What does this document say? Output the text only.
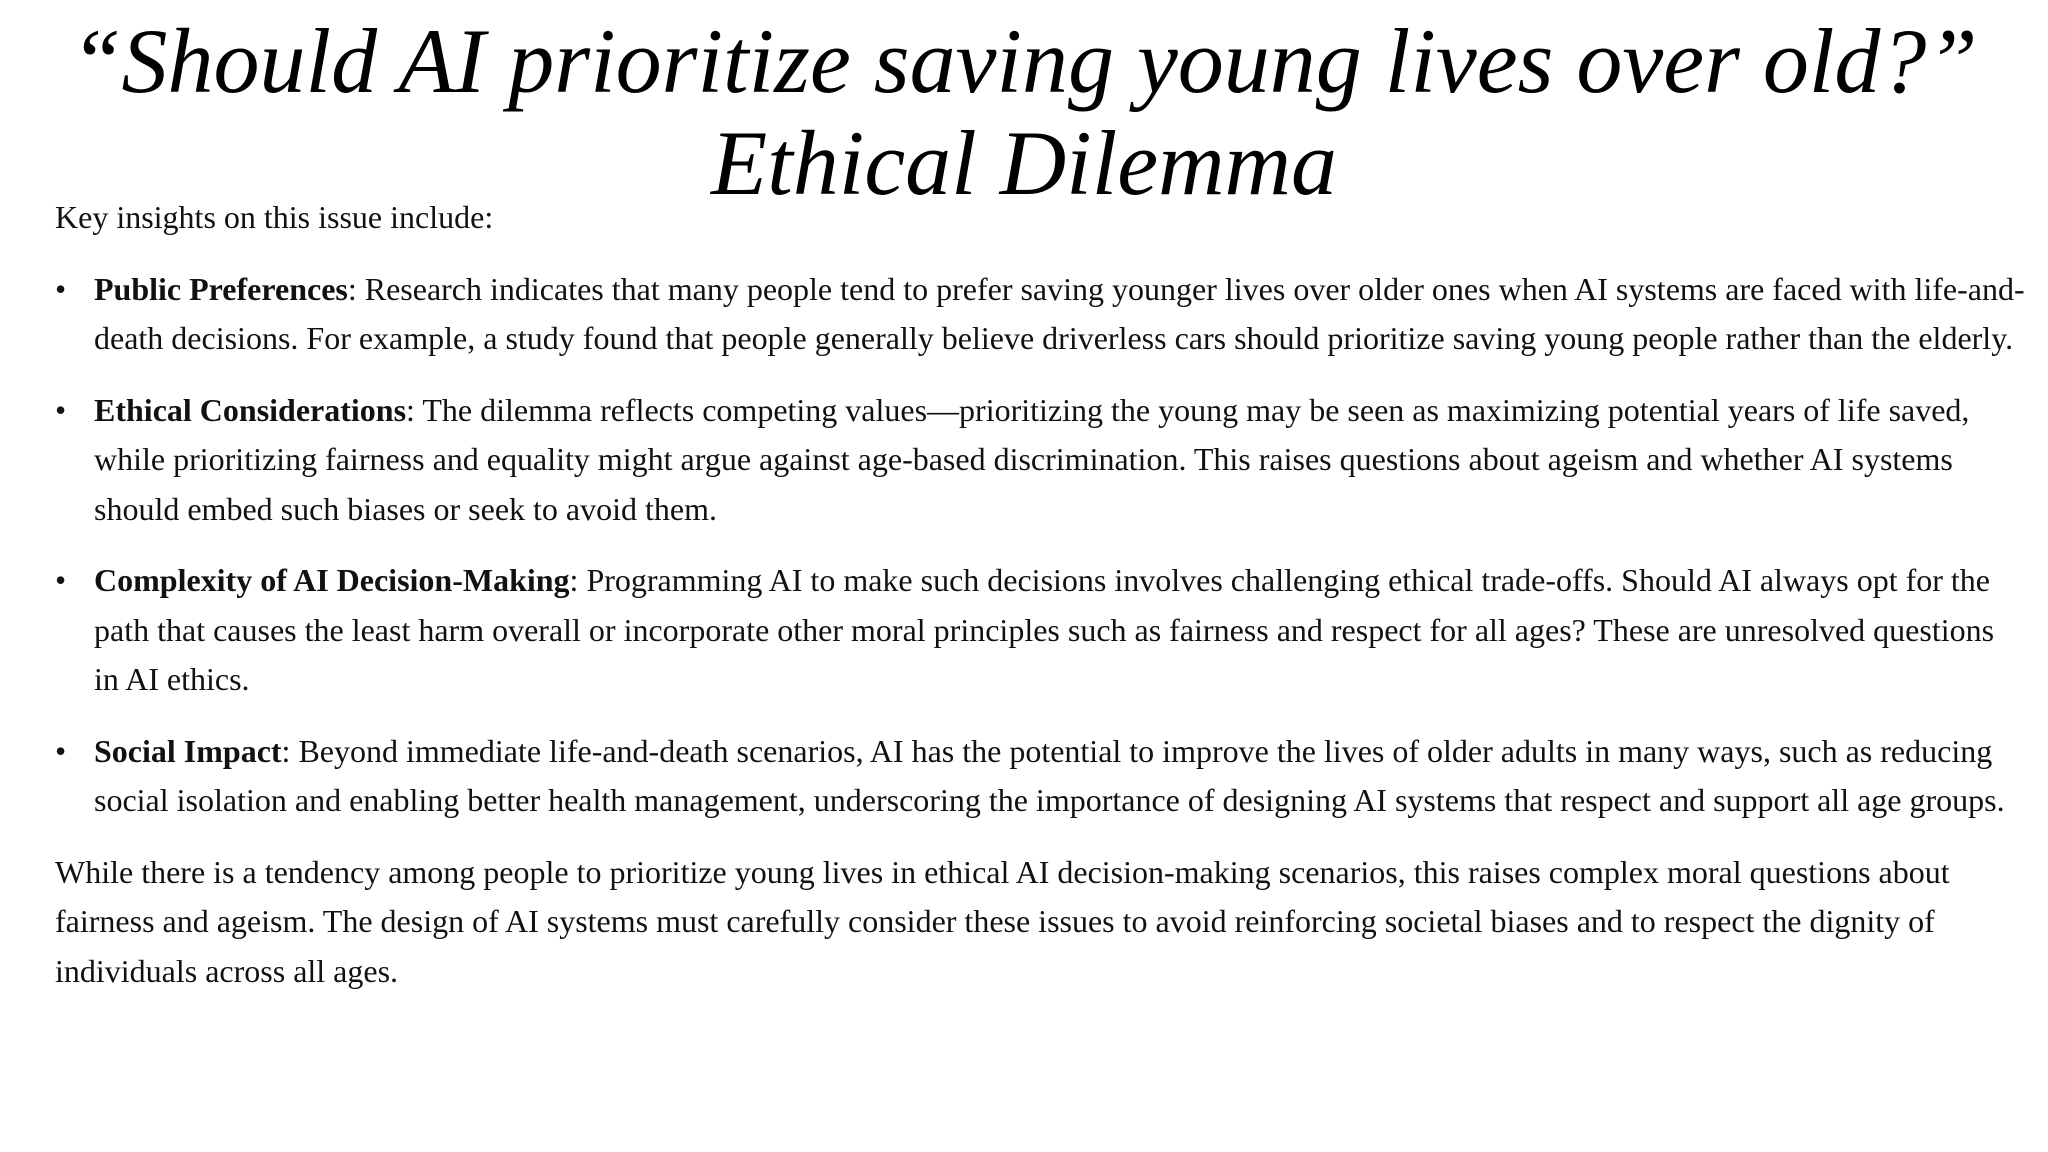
“Should AI prioritize saving young lives over old?”
Ethical Dilemma

Key insights on this issue include:

• Public Preferences: Research indicates that many people tend to prefer saving younger lives over older ones when AI systems are faced with life-and-death decisions. For example, a study found that people generally believe driverless cars should prioritize saving young people rather than the elderly.
• Ethical Considerations: The dilemma reflects competing values—prioritizing the young may be seen as maximizing potential years of life saved, while prioritizing fairness and equality might argue against age-based discrimination. This raises questions about ageism and whether AI systems should embed such biases or seek to avoid them.
• Complexity of AI Decision-Making: Programming AI to make such decisions involves challenging ethical trade-offs. Should AI always opt for the path that causes the least harm overall or incorporate other moral principles such as fairness and respect for all ages? These are unresolved questions in AI ethics.
• Social Impact: Beyond immediate life-and-death scenarios, AI has the potential to improve the lives of older adults in many ways, such as reducing social isolation and enabling better health management, underscoring the importance of designing AI systems that respect and support all age groups.

While there is a tendency among people to prioritize young lives in ethical AI decision-making scenarios, this raises complex moral questions about fairness and ageism. The design of AI systems must carefully consider these issues to avoid reinforcing societal biases and to respect the dignity of individuals across all ages.
